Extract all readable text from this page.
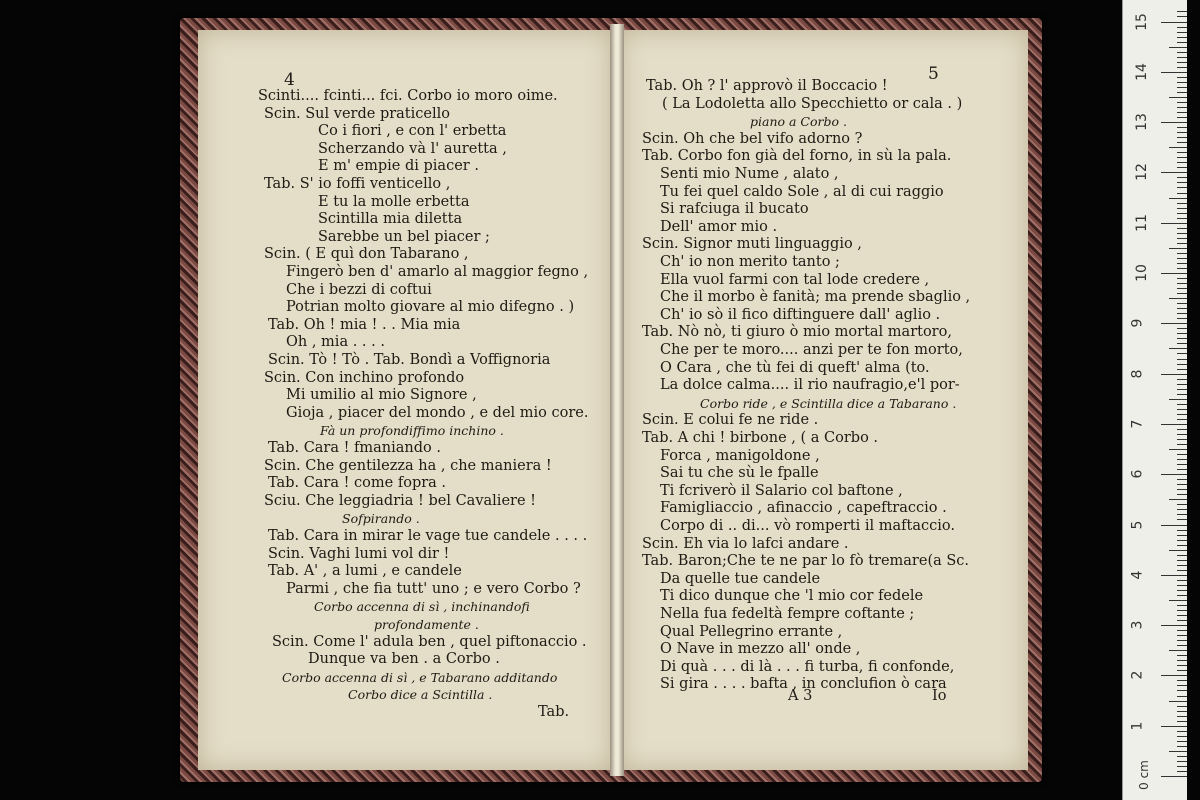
4
Scinti.... fcinti... fci. Corbo io moro oime.
Scin. Sul verde praticello
Co i fiori , e con l' erbetta
Scherzando và l' auretta ,
E m' empie di piacer .
Tab. S' io foffi venticello ,
E tu la molle erbetta
Scintilla mia diletta
Sarebbe un bel piacer ;
Scin. ( E quì don Tabarano ,
Fingerò ben d' amarlo al maggior fegno ,
Che i bezzi di coftui
Potrian molto giovare al mio difegno . )
Tab. Oh ! mia ! . . Mia mia
Oh , mia . . . .
Scin. Tò ! Tò . Tab. Bondì a Voffignoria
Scin. Con inchino profondo
Mi umilio al mio Signore ,
Gioja , piacer del mondo , e del mio core.
Fà un profondiffimo inchino .
Tab. Cara ! fmaniando .
Scin. Che gentilezza ha , che maniera !
Tab. Cara ! come fopra .
Sciu. Che leggiadria ! bel Cavaliere !
Sofpirando .
Tab. Cara in mirar le vage tue candele . . . .
Scin. Vaghi lumi vol dir !
Tab. A' , a lumi , e candele
Parmi , che fia tutt' uno ; e vero Corbo ?
Corbo accenna di sì , inchinandofi
profondamente .
Scin. Come l' adula ben , quel piftonaccio .
Dunque va ben . a Corbo .
Corbo accenna di sì , e Tabarano additando
Corbo dice a Scintilla .
Tab.
5
Tab. Oh ? l' approvò il Boccacio !
( La Lodoletta allo Specchietto or cala . )
piano a Corbo .
Scin. Oh che bel vifo adorno ?
Tab. Corbo fon già del forno, in sù la pala.
Senti mio Nume , alato ,
Tu fei quel caldo Sole , al di cui raggio
Si rafciuga il bucato
Dell' amor mio .
Scin. Signor muti linguaggio ,
Ch' io non merito tanto ;
Ella vuol farmi con tal lode credere ,
Che il morbo è fanità; ma prende sbaglio ,
Ch' io sò il fico diftinguere dall' aglio .
Tab. Nò nò, ti giuro ò mio mortal martoro,
Che per te moro.... anzi per te fon morto,
O Cara , che tù fei di queft' alma (to.
La dolce calma.... il rio naufragio,e'l por-
Corbo ride , e Scintilla dice a Tabarano .
Scin. E colui fe ne ride .
Tab. A chi ! birbone , ( a Corbo .
Forca , manigoldone ,
Sai tu che sù le fpalle
Ti fcriverò il Salario col baftone ,
Famigliaccio , afinaccio , capeftraccio .
Corpo di .. di... vò romperti il maftaccio.
Scin. Eh via lo lafci andare .
Tab. Baron;Che te ne par lo fò tremare(a Sc.
Da quelle tue candele
Ti dico dunque che 'l mio cor fedele
Nella fua fedeltà fempre coftante ;
Qual Pellegrino errante ,
O Nave in mezzo all' onde ,
Di quà . . . di là . . . fi turba, fi confonde,
Si gira . . . . bafta , in conclufion ò cara
A 3	Io
0 cm
1
2
3
4
5
6
7
8
9
10
11
12
13
14
15
